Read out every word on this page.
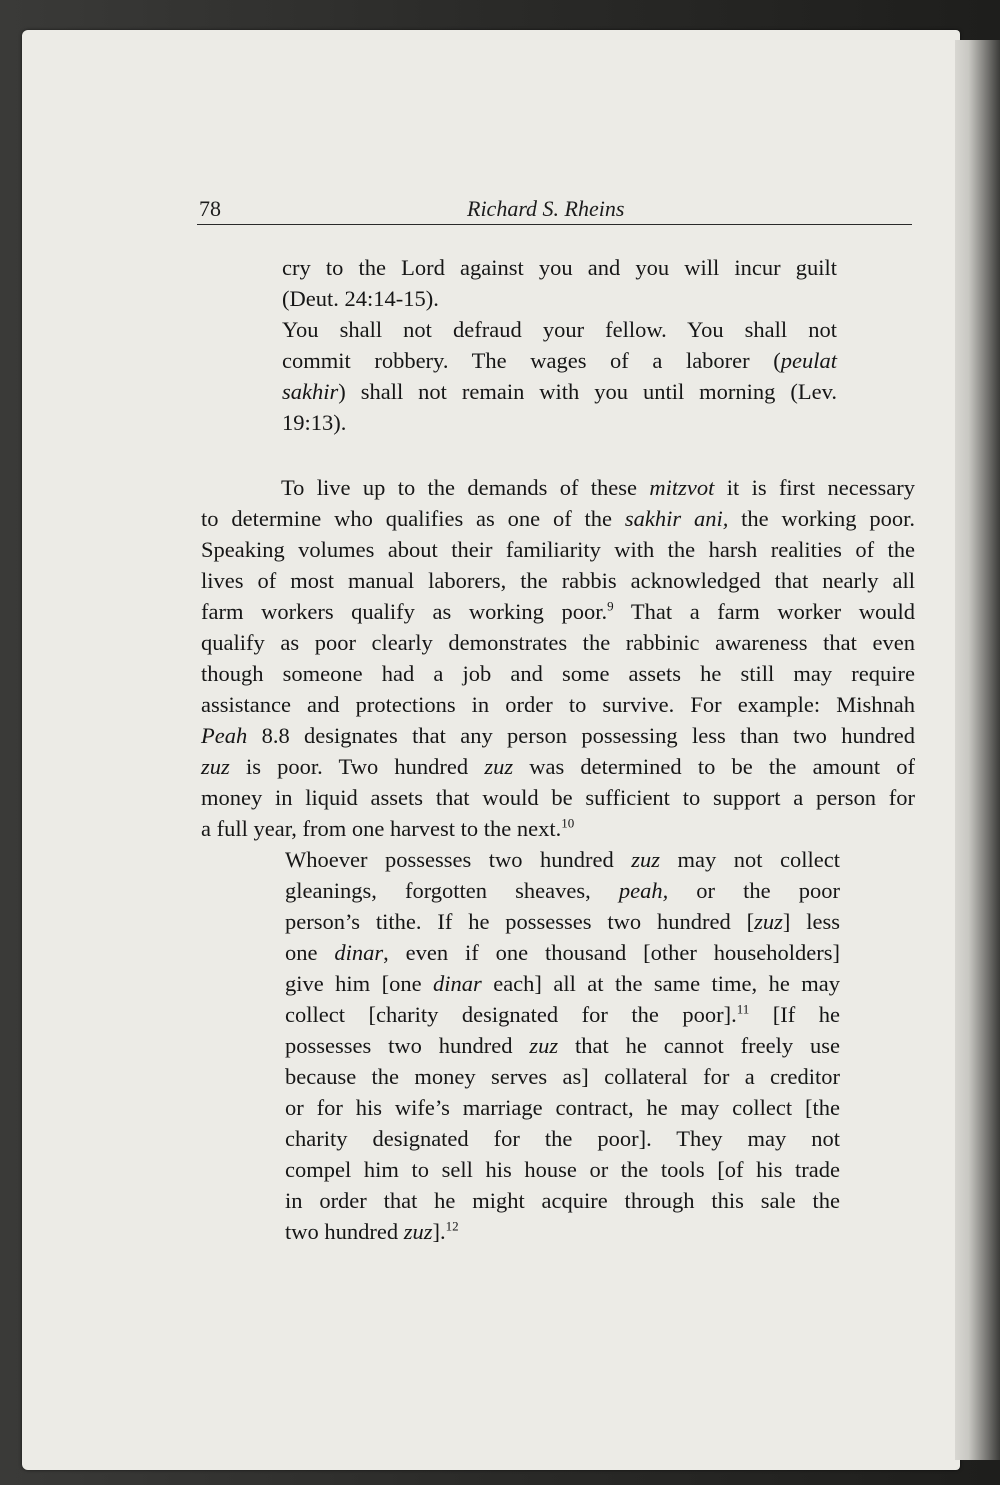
78	Richard S. Rheins
cry to the Lord against you and you will incur guilt
(Deut. 24:14-15).
You shall not defraud your fellow. You shall not
commit robbery. The wages of a laborer (peulat
sakhir) shall not remain with you until morning (Lev.
19:13).
To live up to the demands of these mitzvot it is first necessary
to determine who qualifies as one of the sakhir ani, the working poor.
Speaking volumes about their familiarity with the harsh realities of the
lives of most manual laborers, the rabbis acknowledged that nearly all
farm workers qualify as working poor.$^9$ That a farm worker would
qualify as poor clearly demonstrates the rabbinic awareness that even
though someone had a job and some assets he still may require
assistance and protections in order to survive. For example: Mishnah
Peah 8.8 designates that any person possessing less than two hundred
zuz is poor. Two hundred zuz was determined to be the amount of
money in liquid assets that would be sufficient to support a person for
a full year, from one harvest to the next.$^{10}$
Whoever possesses two hundred zuz may not collect
gleanings, forgotten sheaves, peah, or the poor
person’s tithe. If he possesses two hundred [zuz] less
one dinar, even if one thousand [other householders]
give him [one dinar each] all at the same time, he may
collect [charity designated for the poor].$^{11}$ [If he
possesses two hundred zuz that he cannot freely use
because the money serves as] collateral for a creditor
or for his wife’s marriage contract, he may collect [the
charity designated for the poor]. They may not
compel him to sell his house or the tools [of his trade
in order that he might acquire through this sale the
two hundred zuz].$^{12}$
